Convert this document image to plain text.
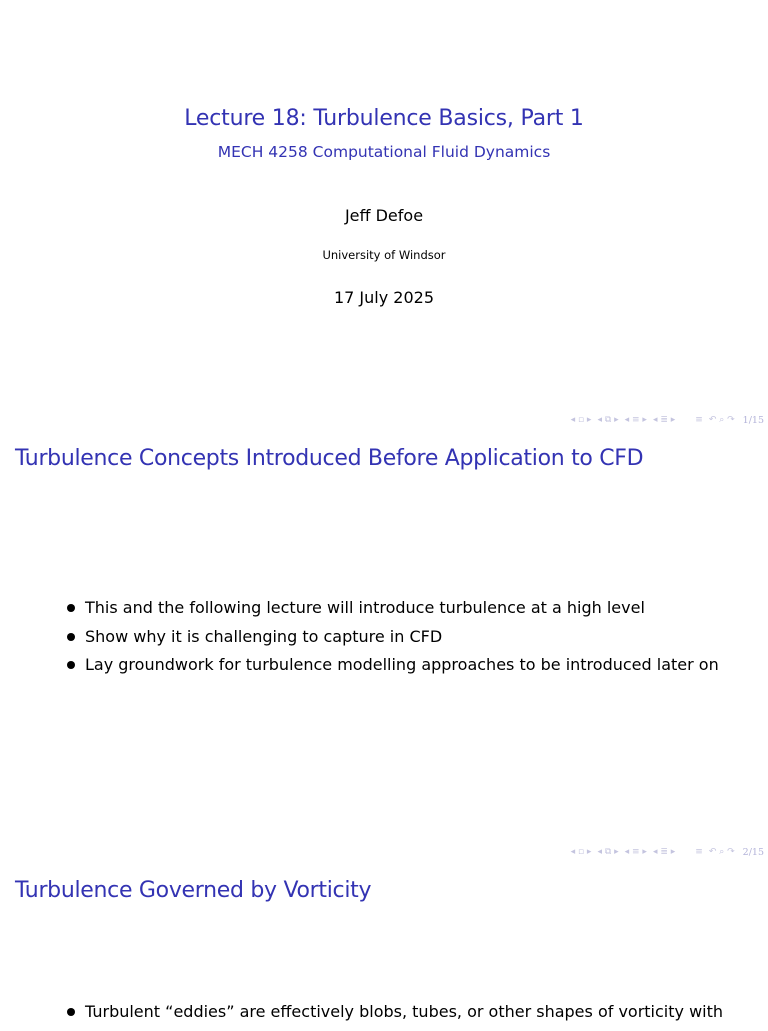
Lecture 18: Turbulence Basics, Part 1
MECH 4258 Computational Fluid Dynamics
Jeff Defoe
University of Windsor
17 July 2025
◂ ▫ ▸ ◂ ⧉ ▸ ◂ ≡ ▸ ◂ ≣ ▸ ≡ ↶ ⌕ ↷ 1/15
Turbulence Concepts Introduced Before Application to CFD
This and the following lecture will introduce turbulence at a high level
Show why it is challenging to capture in CFD
Lay groundwork for turbulence modelling approaches to be introduced later on
◂ ▫ ▸ ◂ ⧉ ▸ ◂ ≡ ▸ ◂ ≣ ▸ ≡ ↶ ⌕ ↷ 2/15
Turbulence Governed by Vorticity
Turbulent “eddies” are effectively blobs, tubes, or other shapes of vorticity with
